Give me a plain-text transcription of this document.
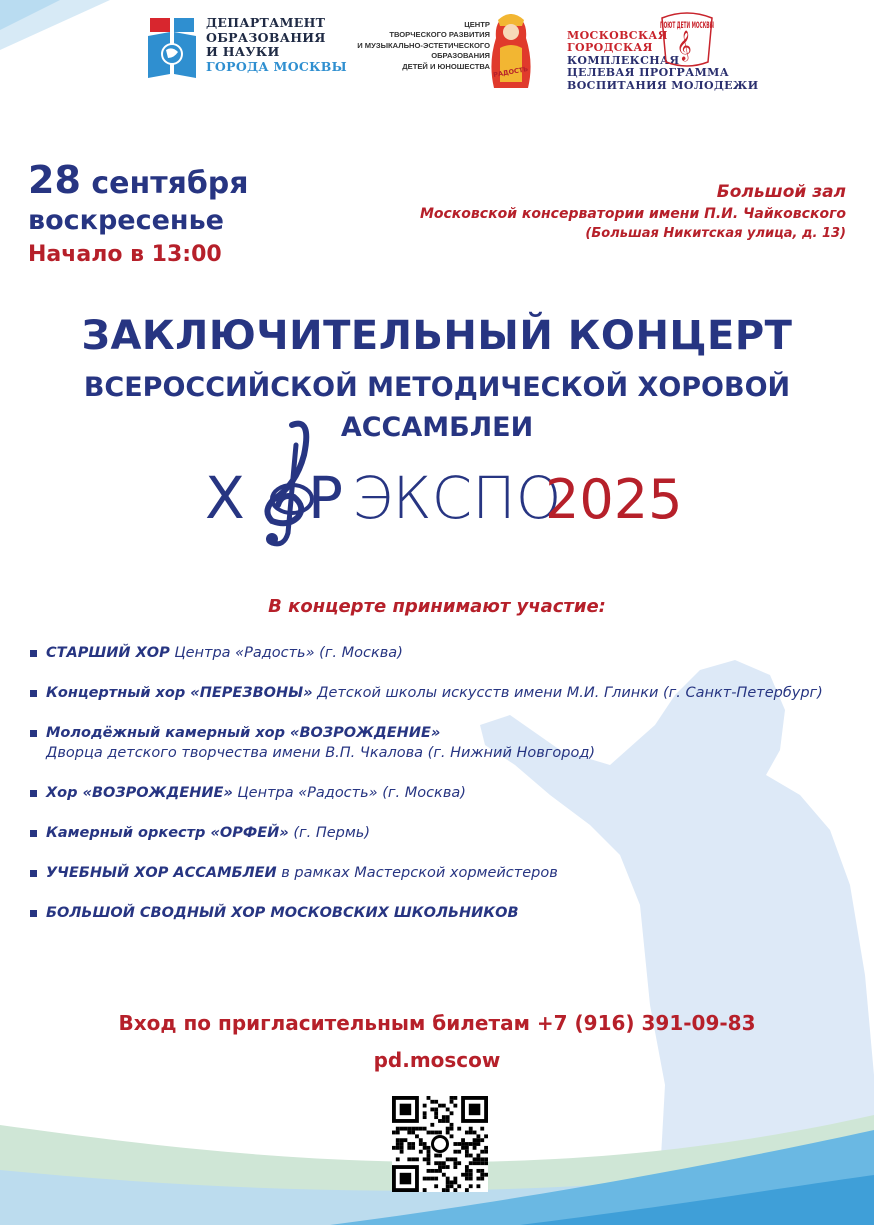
ДЕПАРТАМЕНТ
ОБРАЗОВАНИЯ
И НАУКИ
ГОРОДА МОСКВЫ
ЦЕНТР
ТВОРЧЕСКОГО РАЗВИТИЯ
И МУЗЫКАЛЬНО-ЭСТЕТИЧЕСКОГО
ОБРАЗОВАНИЯ
ДЕТЕЙ И ЮНОШЕСТВА РАДОСТЬ
МОСКОВСКАЯ
ГОРОДСКАЯ
КОМПЛЕКСНАЯ
ЦЕЛЕВАЯ ПРОГРАММА
ВОСПИТАНИЯ МОЛОДЕЖИ
ПОЮТ ДЕТИ МОСКВЫ
𝄞
28 сентября
воскресенье
Начало в 13:00
Большой зал
Московской консерватории имени П.И. Чайковского
(Большая Никитская улица, д. 13)
ЗАКЛЮЧИТЕЛЬНЫЙ КОНЦЕРТ
ВСЕРОССИЙСКОЙ МЕТОДИЧЕСКОЙ ХОРОВОЙ АССАМБЛЕИ
Х Р ЭКСПО
2025
В концерте принимают участие:
СТАРШИЙ ХОР Центра «Радость» (г. Москва)
Концертный хор «ПЕРЕЗВОНЫ» Детской школы искусств имени М.И. Глинки (г. Санкт-Петербург)
Молодёжный камерный хор «ВОЗРОЖДЕНИЕ»
Дворца детского творчества имени В.П. Чкалова (г. Нижний Новгород)
Хор «ВОЗРОЖДЕНИЕ» Центра «Радость» (г. Москва)
Камерный оркестр «ОРФЕЙ» (г. Пермь)
УЧЕБНЫЙ ХОР АССАМБЛЕИ в рамках Мастерской хормейстеров
БОЛЬШОЙ СВОДНЫЙ ХОР МОСКОВСКИХ ШКОЛЬНИКОВ
Вход по пригласительным билетам +7 (916) 391-09-83
pd.moscow
